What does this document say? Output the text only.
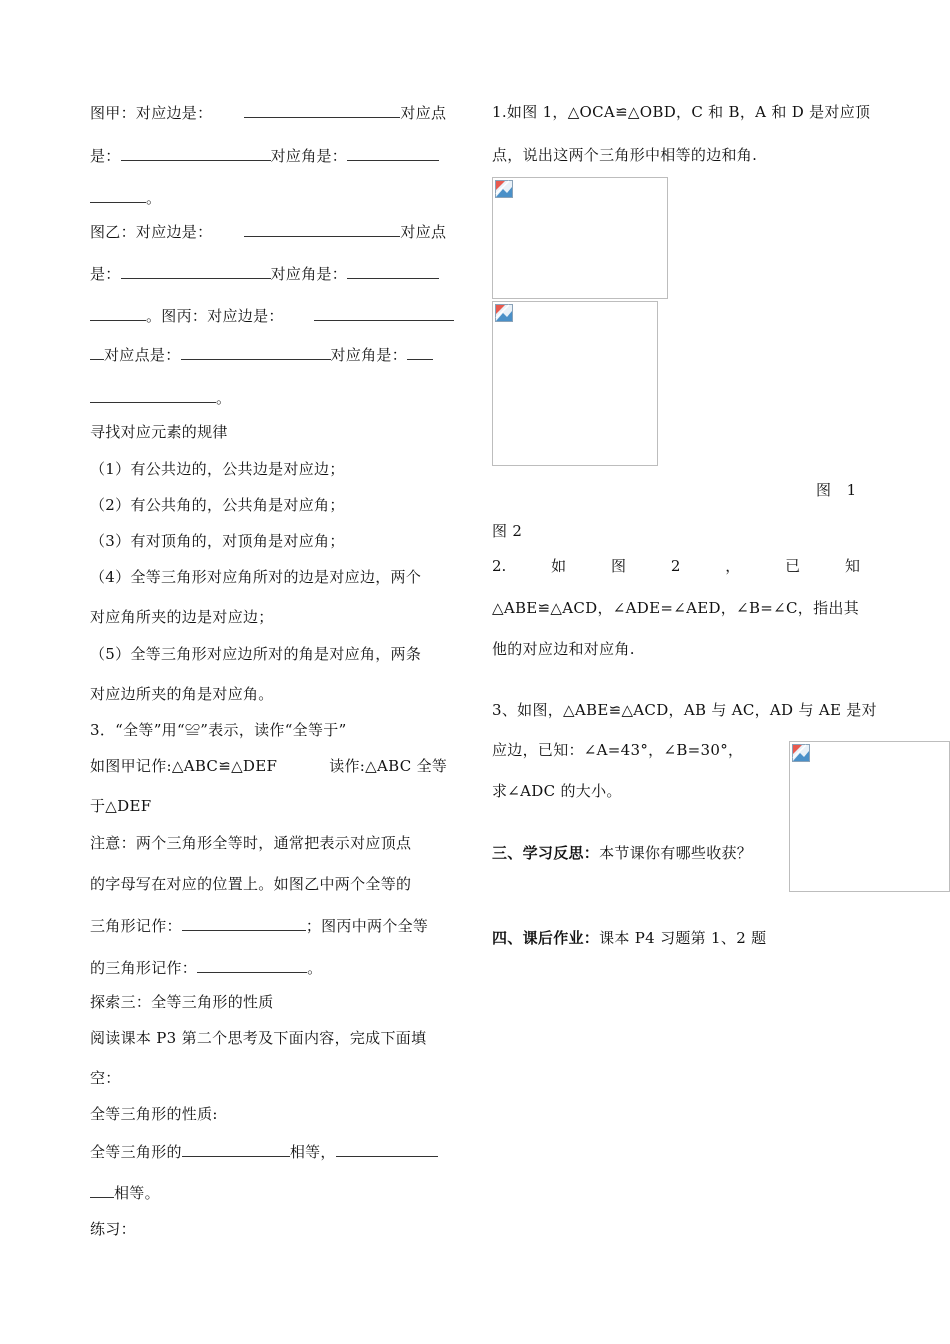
图甲：对应边是：	对应点
是：	对应角是：
。
图乙：对应边是：	对应点
是：	对应角是：
。图丙：对应边是：
对应点是：	对应角是：
。
寻找对应元素的规律
（1）有公共边的，公共边是对应边；
（2）有公共角的，公共角是对应角；
（3）有对顶角的，对顶角是对应角；
（4）全等三角形对应角所对的边是对应边，两个
对应角所夹的边是对应边；
（5）全等三角形对应边所对的角是对应角，两条
对应边所夹的角是对应角。
3．“全等”用“≌”表示，读作“全等于”
如图甲记作:△ABC≌△DEF	读作:△ABC 全等
于△DEF
注意：两个三角形全等时，通常把表示对应顶点
的字母写在对应的位置上。如图乙中两个全等的
三角形记作：	；图丙中两个全等
的三角形记作：	。
探索三：全等三角形的性质
阅读课本 P3 第二个思考及下面内容，完成下面填
空：
全等三角形的性质:
全等三角形的	相等，
相等。
练习：
1.如图 1，△OCA≌△OBD，C 和 B，A 和 D 是对应顶
点，说出这两个三角形中相等的边和角.
图　1
图 2
2.	如	图	2	，	已	知
△ABE≌△ACD，∠ADE=∠AED，∠B=∠C，指出其
他的对应边和对应角.
3、如图，△ABE≌△ACD，AB 与 AC，AD 与 AE 是对
应边，已知：∠A=43°，∠B=30°，
求∠ADC 的大小。
三、学习反思：本节课你有哪些收获？
四、课后作业：课本 P4 习题第 1、2 题
